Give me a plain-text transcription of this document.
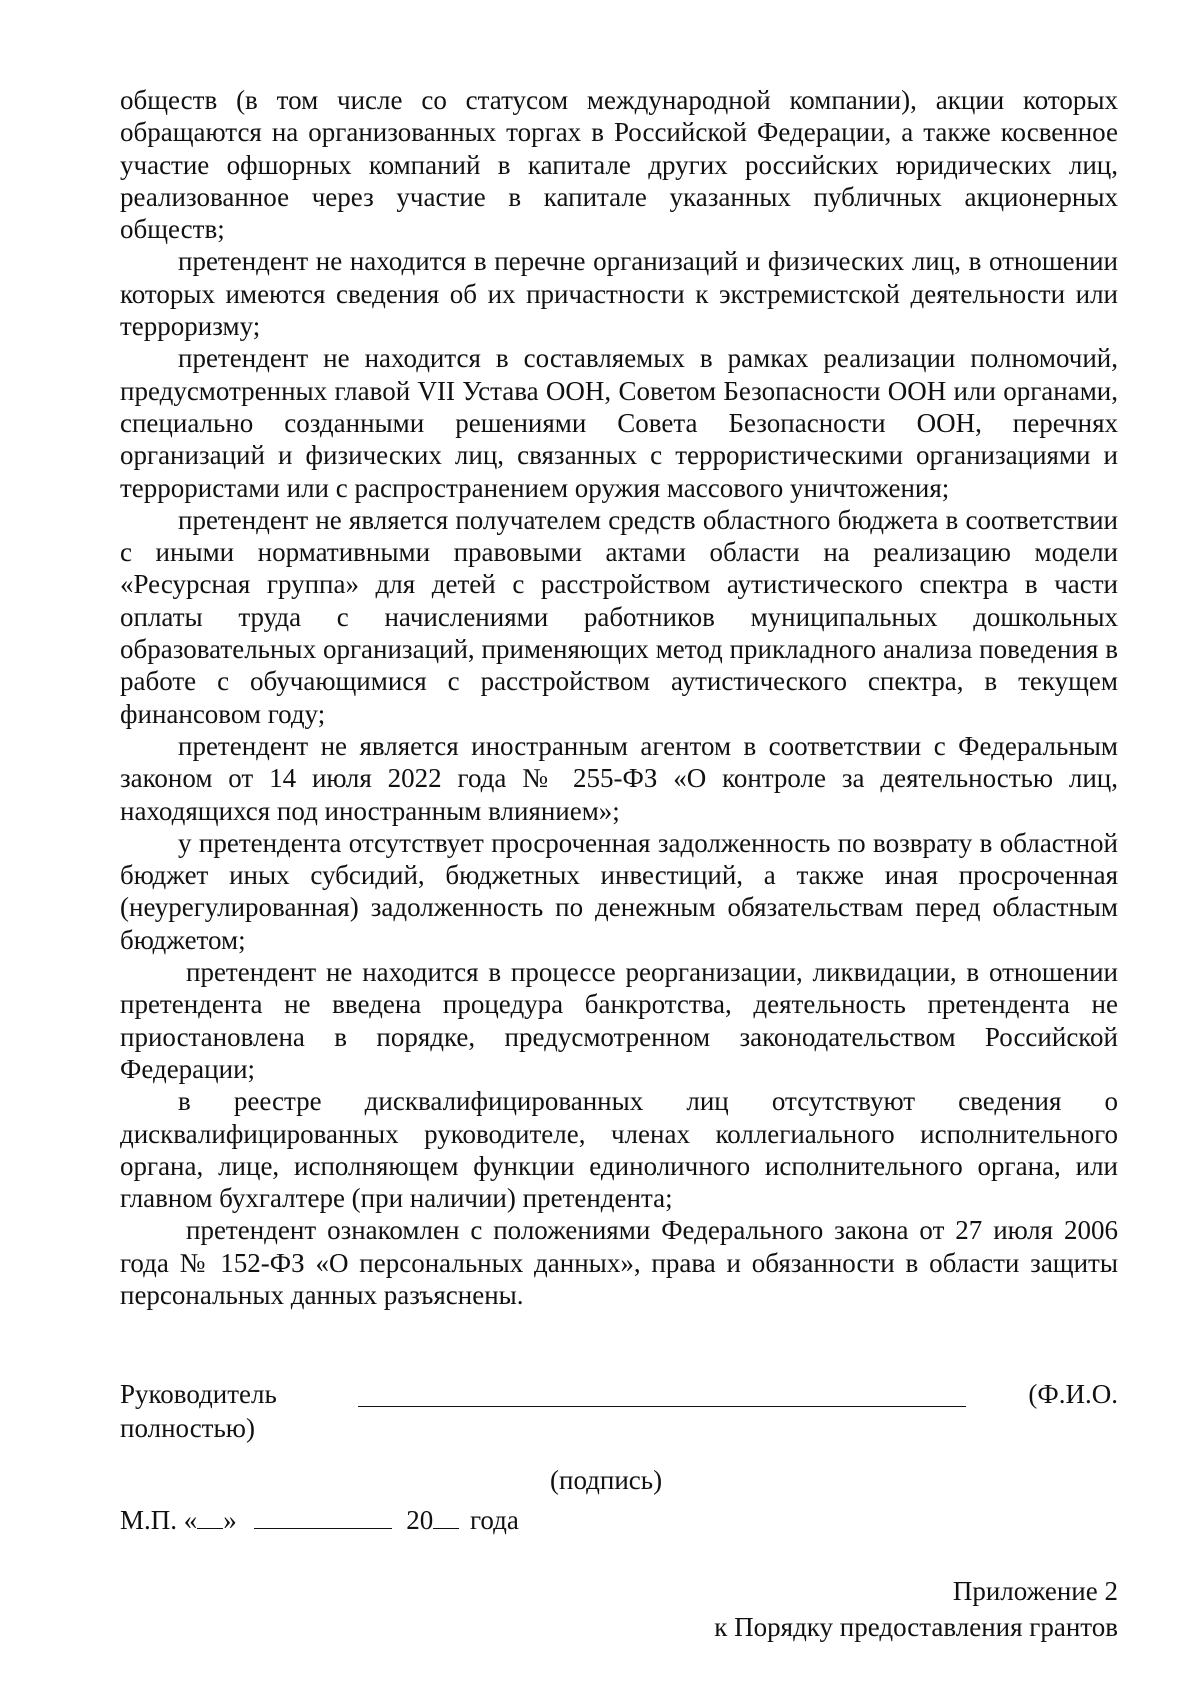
обществ (в том числе со статусом международной компании), акции которых обращаются на организованных торгах в Российской Федерации, а также косвенное участие офшорных компаний в капитале других российских юридических лиц, реализованное через участие в капитале указанных публичных акционерных обществ;

претендент не находится в перечне организаций и физических лиц, в отношении которых имеются сведения об их причастности к экстремистской деятельности или терроризму;

претендент не находится в составляемых в рамках реализации полномочий, предусмотренных главой VII Устава ООН, Советом Безопасности ООН или органами, специально созданными решениями Совета Безопасности ООН, перечнях организаций и физических лиц, связанных с террористическими организациями и террористами или с распространением оружия массового уничтожения;

претендент не является получателем средств областного бюджета в соответствии с иными нормативными правовыми актами области на реализацию модели «Ресурсная группа» для детей с расстройством аутистического спектра в части оплаты труда с начислениями работников муниципальных дошкольных образовательных организаций, применяющих метод прикладного анализа поведения в работе с обучающимися с расстройством аутистического спектра, в текущем финансовом году;

претендент не является иностранным агентом в соответствии с Федеральным законом от 14 июля 2022 года № 255-ФЗ «О контроле за деятельностью лиц, находящихся под иностранным влиянием»;

у претендента отсутствует просроченная задолженность по возврату в областной бюджет иных субсидий, бюджетных инвестиций, а также иная просроченная (неурегулированная) задолженность по денежным обязательствам перед областным бюджетом;

претендент не находится в процессе реорганизации, ликвидации, в отношении претендента не введена процедура банкротства, деятельность претендента не приостановлена в порядке, предусмотренном законодательством Российской Федерации;

в реестре дисквалифицированных лиц отсутствуют сведения о дисквалифицированных руководителе, членах коллегиального исполнительного органа, лице, исполняющем функции единоличного исполнительного органа, или главном бухгалтере (при наличии) претендента;

претендент ознакомлен с положениями Федерального закона от 27 июля 2006 года № 152-ФЗ «О персональных данных», права и обязанности в области защиты персональных данных разъяснены.

Руководитель	(Ф.И.О.
полностью)
(подпись)
М.П. « »	20 года
Приложение 2
к Порядку предоставления грантов
